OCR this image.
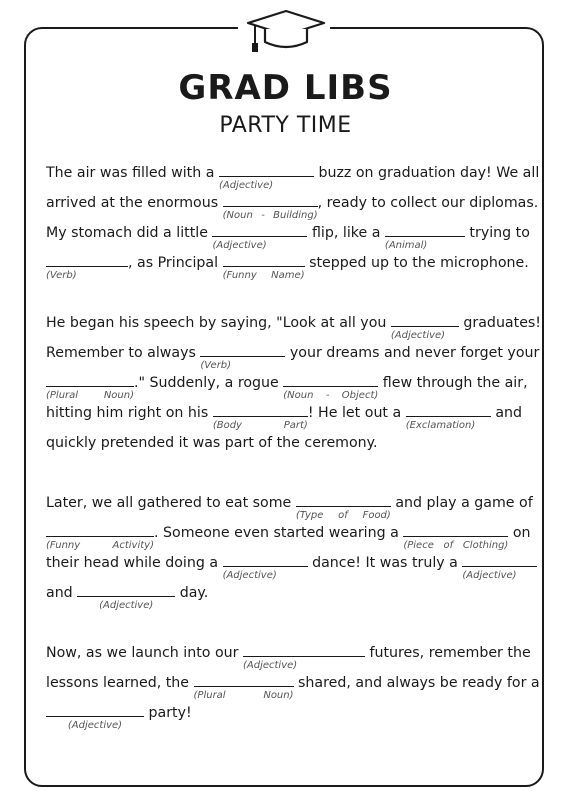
GRAD LIBS
PARTY TIME
The air was filled with a
(Adjective)
buzz on graduation day! We all
arrived at the enormous
(Noun - Building)
, ready to collect our diplomas.
My stomach did a little
(Adjective)
flip, like a
(Animal)
trying to
(Verb)
, as Principal
(Funny Name)
stepped up to the microphone.
He began his speech by saying, "Look at all you
(Adjective)
graduates!
Remember to always
(Verb)
your dreams and never forget your
(Plural Noun)
." Suddenly, a rogue
(Noun - Object)
flew through the air,
hitting him right on his
(Body Part)
! He let out a
(Exclamation)
and
quickly pretended it was part of the ceremony.
Later, we all gathered to eat some
(Type of Food)
and play a game of
(Funny Activity)
. Someone even started wearing a
(Piece of Clothing)
on
their head while doing a
(Adjective)
dance! It was truly a
(Adjective)
and
(Adjective)
day.
Now, as we launch into our
(Adjective)
futures, remember the
lessons learned, the
(Plural Noun)
shared, and always be ready for a
(Adjective)
party!
